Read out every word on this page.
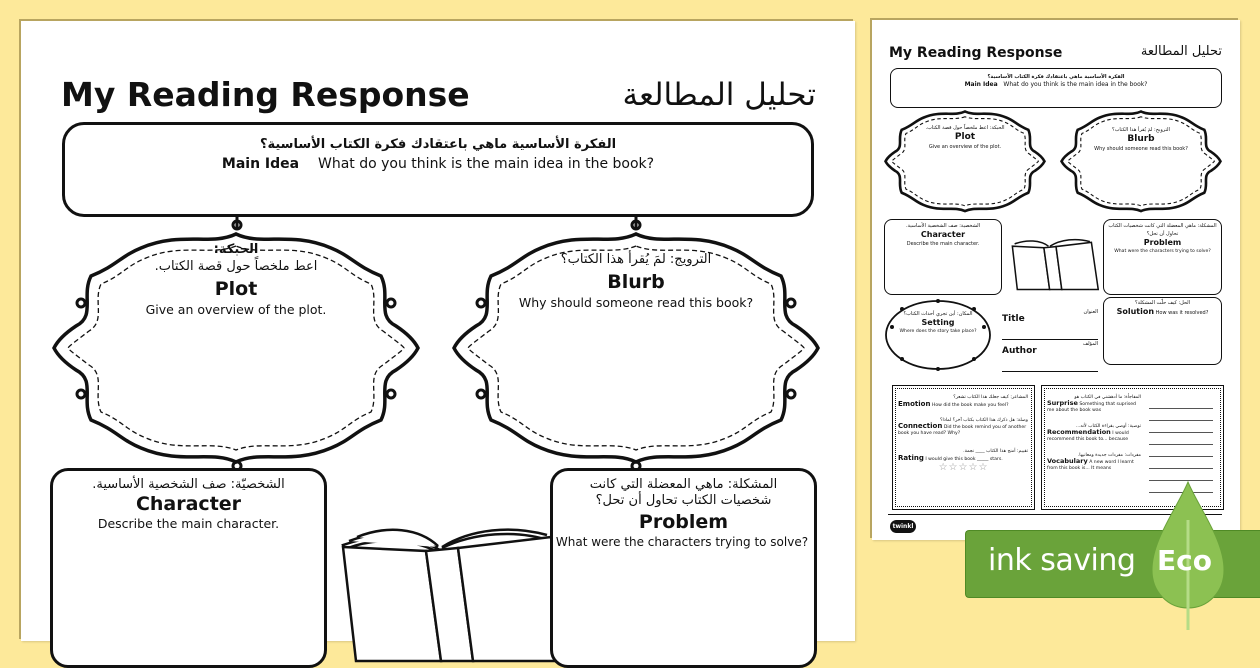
My Reading Response	تحليل المطالعة
الفكرة الأساسية ماهي باعتقادك فكرة الكتاب الأساسية؟
Main Idea What do you think is the main idea in the book?
الحبكة:
اعط ملخصاً حول قصة الكتاب.
Plot
Give an overview of the plot.
الترويج: لمَ يُقرأ هذا الكتاب؟
Blurb
Why should someone read this book?
الشخصيّة: صف الشخصية الأساسية.
Character
Describe the main character.
المشكلة: ماهي المعضلة التي كانت
شخصيات الكتاب تحاول أن تحل؟
Problem
What were the characters trying to solve?
My Reading Response	تحليل المطالعة
الفكرة الأساسية ماهي باعتقادك فكرة الكتاب الأساسية؟
Main Idea What do you think is the main idea in the book?
الحبكة: اعط ملخصاً حول قصة الكتاب.
Plot
Give an overview of the plot.
الترويج: لمَ يُقرأ هذا الكتاب؟
Blurb
Why should someone read this book?
الشخصية: صف الشخصية الأساسية.
Character
Describe the main character.
المشكلة: ماهي المعضلة التي كانت شخصيات الكتاب تحاول أن تحل؟
Problem
What were the characters trying to solve?
المكان: أين تجري أحداث الكتاب؟
Setting
Where does the story take place?
Title
العنوان
Author
المؤلف
الحل: كيف حلّت المشكلة؟
Solution How was it resolved?
المشاعر: كيف جعلك هذا الكتاب تشعر؟
Emotion How did the book make you feel?
وصلة: هل ذكرك هذا الكتاب بكتاب آخر؟ لماذا؟
Connection Did the book remind you of another book you have read? Why?
تقييم: أمنح هذا الكتاب ____ نجمة.
Rating I would give this book _____ stars.
☆☆☆☆☆
المفاجأة: ما أدهشني في الكتاب هو
Surprise Something that suprised me about the book was
توصية: أوصي بقراءة الكتاب لأنه...
Recommendation I would recommend this book to... because
مفردات: مفردات جديدة ومعانيها.
Vocabulary A new word I learnt from this book is... It means
twinkl
ink saving Eco
